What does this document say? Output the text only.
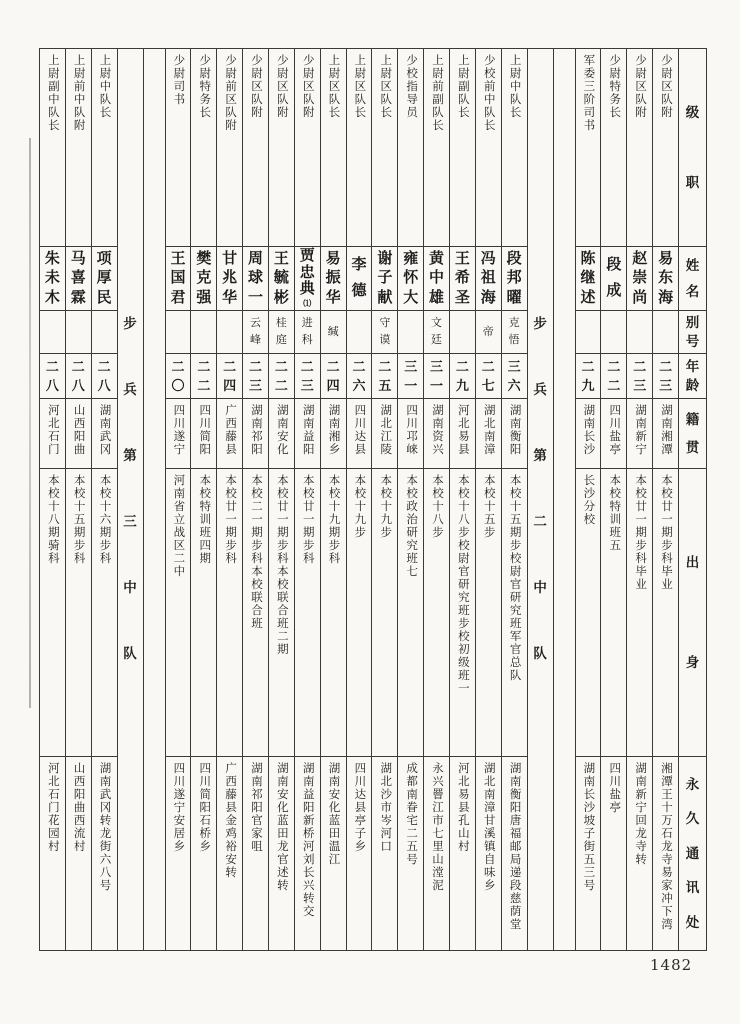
级
职
姓
名
别
号
年
龄
籍
贯
出
身
永
久
通
讯
处
少尉区队附
易
东
海
二
三
湖南湘潭
本校廿一期步科毕业
湘潭王十万石龙寺易家冲下湾
少尉区队附
赵
崇
尚
二
三
湖南新宁
本校廿一期步科毕业
湖南新宁回龙寺转
少尉特务长
段
成
二
二
四川盐亭
本校特训班五
四川盐亭
军委三阶司书
陈
继
述
二
九
湖南长沙
长沙分校
湖南长沙坡子街五三号
步
兵
第
二
中
队
上尉中队长
段
邦
曜
克
悟
三
六
湖南衡阳
本校十五期步校尉官研究班军官总队
湖南衡阳唐福邮局递段慈荫堂
少校前中队长
冯
祖
海
帝
二
七
湖北南漳
本校十五步
湖北南漳甘溪镇自味乡
上尉副队长
王
希
圣
二
九
河北易县
本校十八步校尉官研究班步校初级班一
河北易县孔山村
上尉前副队长
黄
中
雄
文
廷
三
一
湖南资兴
本校十八步
永兴罾江市七里山漟泥
少校指导员
雍
怀
大
三
一
四川邛崃
本校政治研究班七
成都南眷宅二五号
上尉区队长
谢
子
献
守
谟
二
五
湖北江陵
本校十九步
湖北沙市岑河口
上尉区队长
李
德
二
六
四川达县
本校十九步
四川达县亭子乡
上尉区队长
易
振
华
缄
二
四
湖南湘乡
本校十九期步科
湖南安化蓝田温江
少尉区队附
贾
忠
典
⑴
进
科
二
三
湖南益阳
本校廿一期步科
湖南益阳新桥河刘长兴转交
少尉区队附
王
毓
彬
桂
庭
二
二
湖南安化
本校廿一期步科本校联合班二期
湖南安化蓝田龙官述转
少尉区队附
周
球
一
云
峰
二
三
湖南祁阳
本校二一期步科本校联合班
湖南祁阳官家咀
少尉前区队附
甘
兆
华
二
四
广西藤县
本校廿一期步科
广西藤县金鸡裕安转
少尉特务长
樊
克
强
二
二
四川简阳
本校特训班四期
四川简阳石桥乡
少尉司书
王
国
君
二
〇
四川遂宁
河南省立战区二中
四川遂宁安居乡
步
兵
第
三
中
队
上尉中队长
项
厚
民
二
八
湖南武冈
本校十六期步科
湖南武冈转龙街六八号
上尉前中队附
马
喜
霖
二
八
山西阳曲
本校十五期步科
山西阳曲西流村
上尉副中队长
朱
未
木
二
八
河北石门
本校十八期骑科
河北石门花园村
1482
